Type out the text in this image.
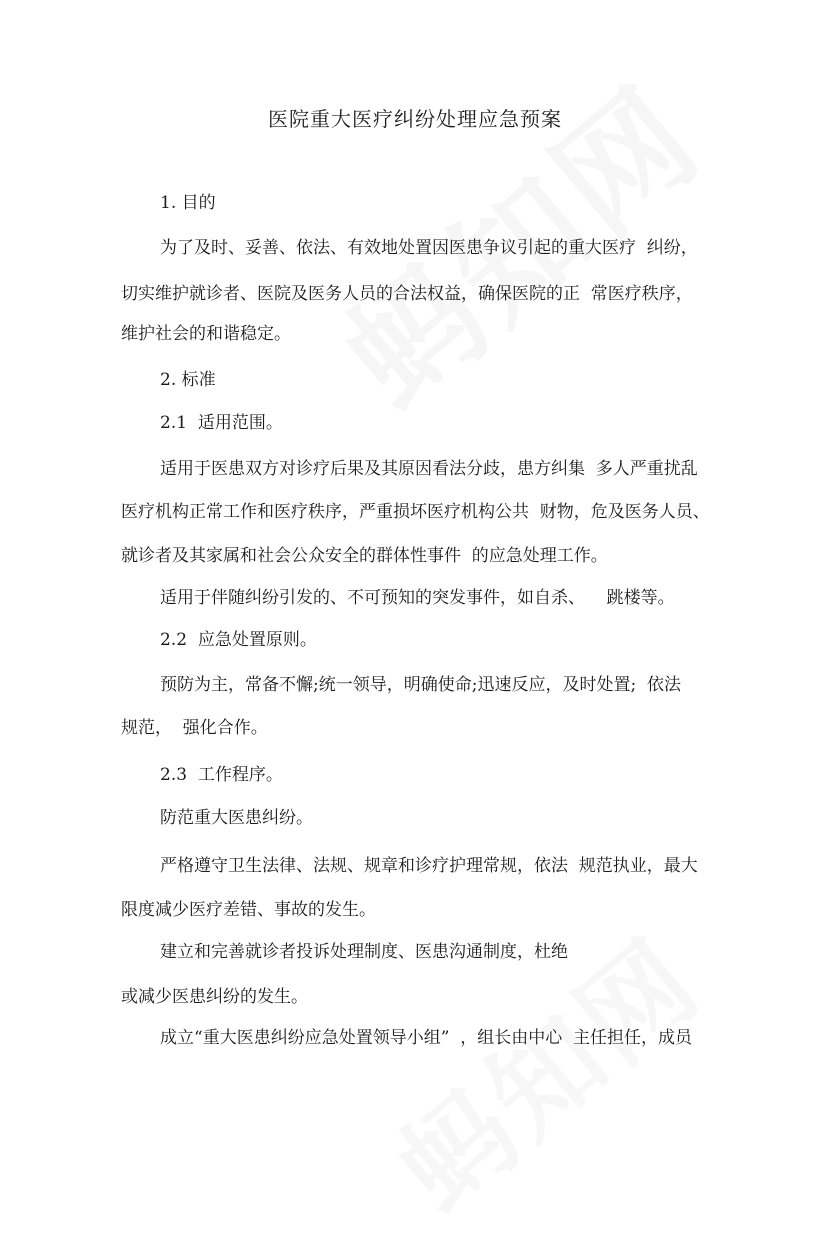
医院重大医疗纠纷处理应急预案
1. 目的
为了及时、妥善、依法、有效地处置因医患争议引起的重大医疗  纠纷，
切实维护就诊者、医院及医务人员的合法权益，确保医院的正  常医疗秩序，
维护社会的和谐稳定。
2. 标准
2.1  适用范围。
适用于医患双方对诊疗后果及其原因看法分歧，患方纠集  多人严重扰乱
医疗机构正常工作和医疗秩序，严重损坏医疗机构公共  财物，危及医务人员、
就诊者及其家属和社会公众安全的群体性事件  的应急处理工作。
适用于伴随纠纷引发的、不可预知的突发事件，如自杀、    跳楼等。
2.2  应急处置原则。
预防为主，常备不懈;统一领导，明确使命;迅速反应，及时处置;  依法
规范，  强化合作。
2.3  工作程序。
防范重大医患纠纷。
严格遵守卫生法律、法规、规章和诊疗护理常规，依法  规范执业，最大
限度减少医疗差错、事故的发生。
建立和完善就诊者投诉处理制度、医患沟通制度，杜绝
或减少医患纠纷的发生。
成立“重大医患纠纷应急处置领导小组”  ，组长由中心  主任担任，成员
